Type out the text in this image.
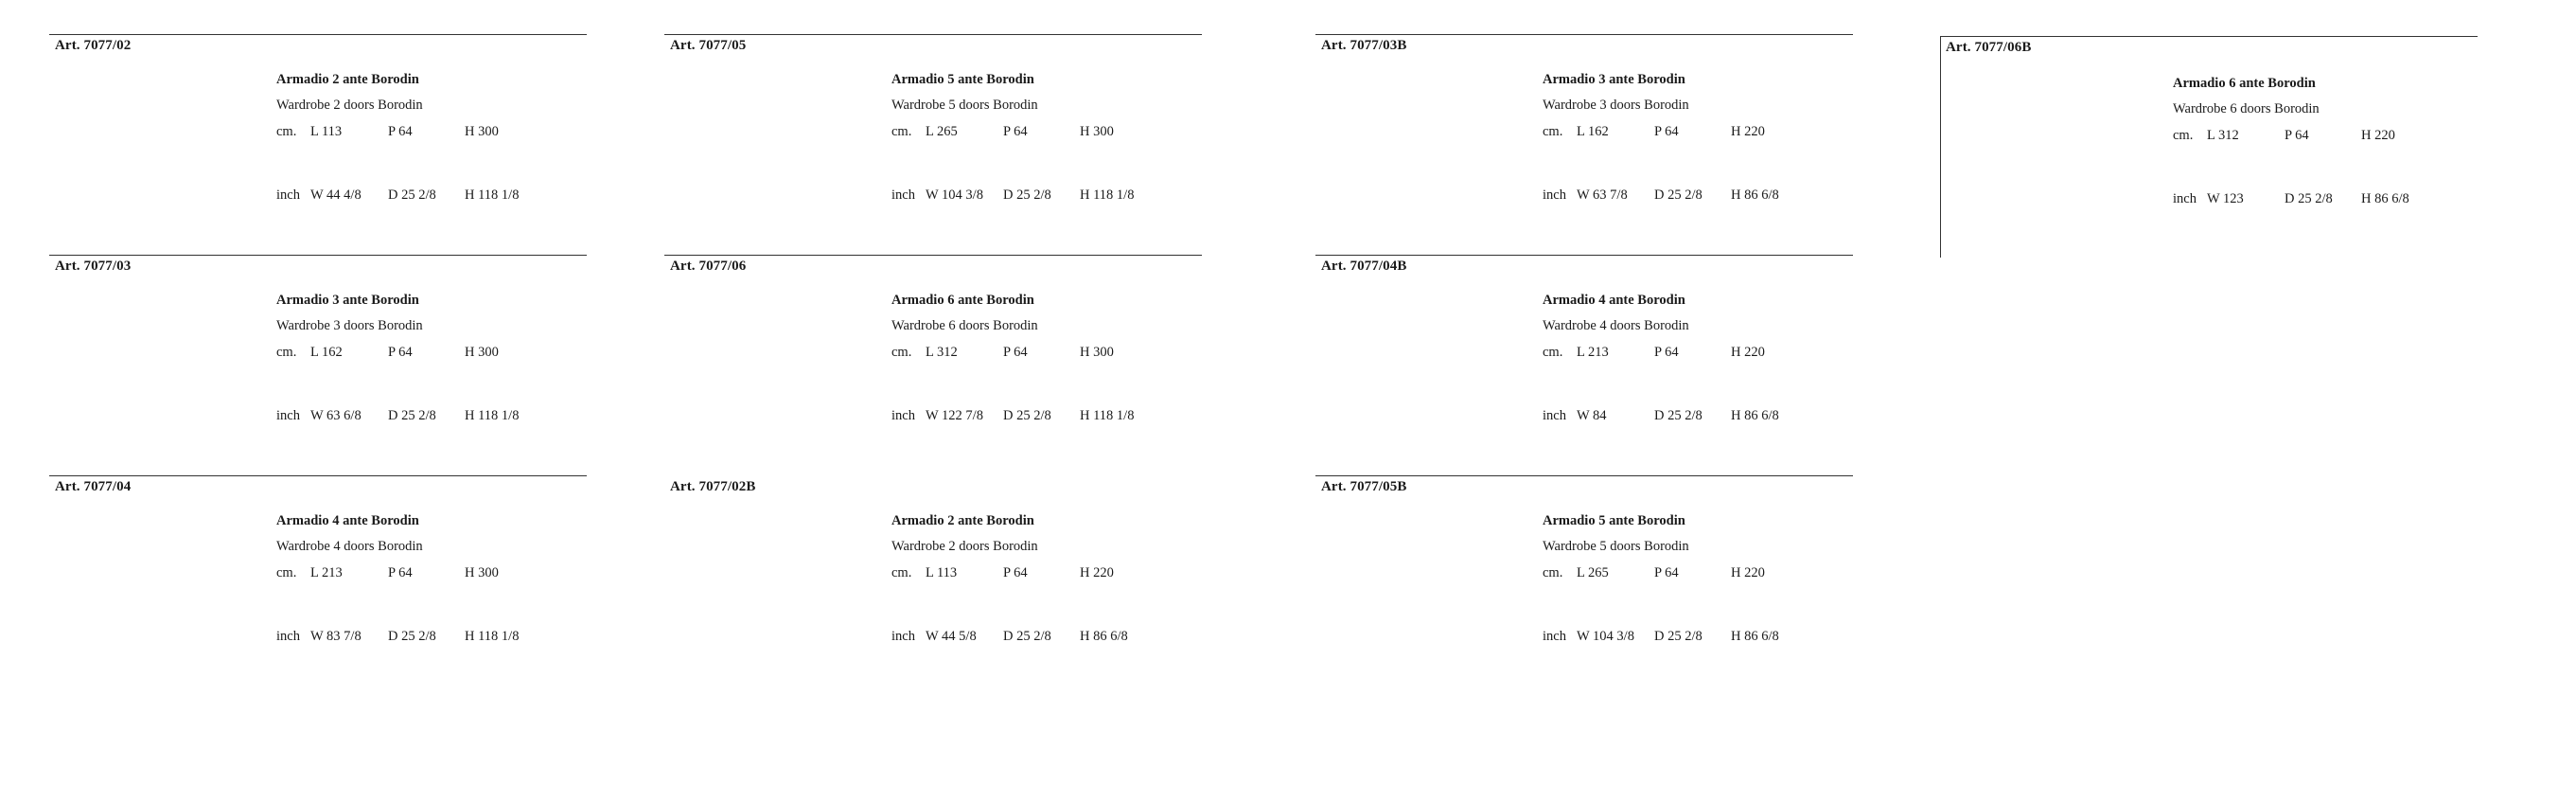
Art. 7077/02
Armadio 2 ante Borodin
Wardrobe 2 doors Borodin
cm. L 113	P 64	H 300
inch W 44 4/8 D 25 2/8 H 118 1/8
Art. 7077/03
Armadio 3 ante Borodin
Wardrobe 3 doors Borodin
cm. L 162	P 64	H 300
inch W 63 6/8 D 25 2/8 H 118 1/8
Art. 7077/04
Armadio 4 ante Borodin
Wardrobe 4 doors Borodin
cm. L 213	P 64	H 300
inch W 83 7/8 D 25 2/8 H 118 1/8
Art. 7077/05
Armadio 5 ante Borodin
Wardrobe 5 doors Borodin
cm. L 265	P 64	H 300
inch W 104 3/8 D 25 2/8 H 118 1/8
Art. 7077/06
Armadio 6 ante Borodin
Wardrobe 6 doors Borodin
cm. L 312	P 64	H 300
inch W 122 7/8 D 25 2/8 H 118 1/8
Art. 7077/02B
Armadio 2 ante Borodin
Wardrobe 2 doors Borodin
cm. L 113	P 64	H 220
inch W 44 5/8 D 25 2/8 H 86 6/8
Art. 7077/03B
Armadio 3 ante Borodin
Wardrobe 3 doors Borodin
cm. L 162	P 64	H 220
inch W 63 7/8 D 25 2/8 H 86 6/8
Art. 7077/04B
Armadio 4 ante Borodin
Wardrobe 4 doors Borodin
cm. L 213	P 64	H 220
inch W 84	D 25 2/8 H 86 6/8
Art. 7077/05B
Armadio 5 ante Borodin
Wardrobe 5 doors Borodin
cm. L 265	P 64	H 220
inch W 104 3/8 D 25 2/8 H 86 6/8
Art. 7077/06B
Armadio 6 ante Borodin
Wardrobe 6 doors Borodin
cm. L 312	P 64	H 220
inch W 123	D 25 2/8 H 86 6/8
